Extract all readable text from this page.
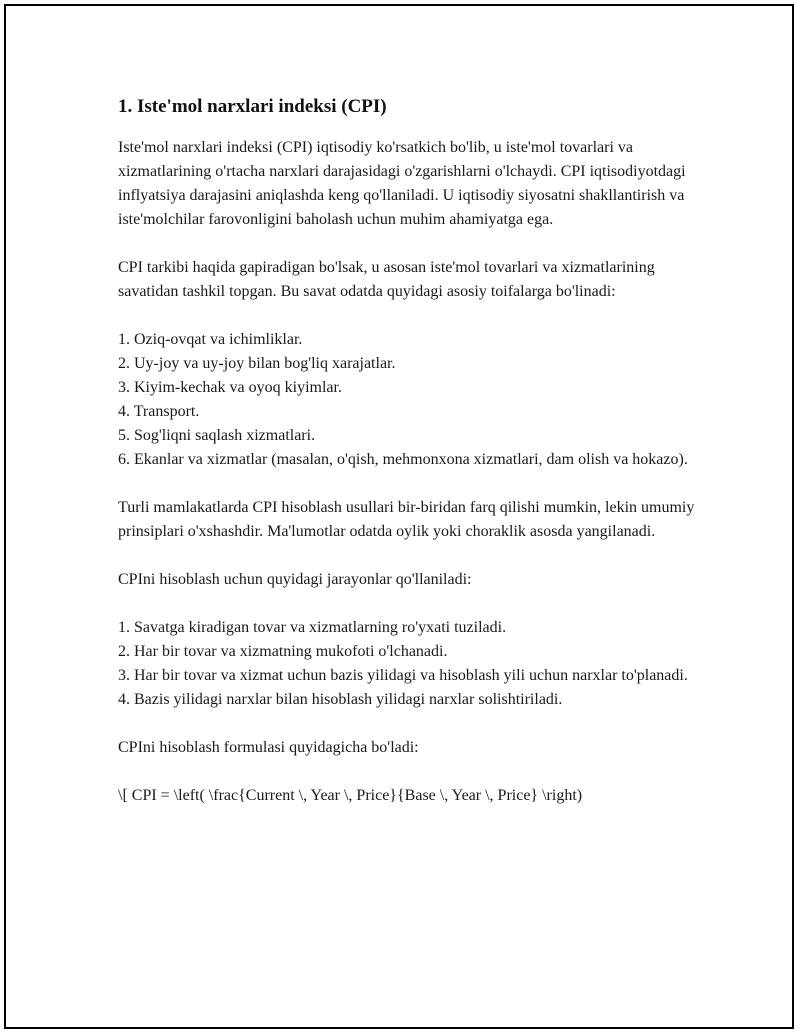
1. Iste'mol narxlari indeksi (CPI)

Iste'mol narxlari indeksi (CPI) iqtisodiy ko'rsatkich bo'lib, u iste'mol tovarlari va xizmatlarining o'rtacha narxlari darajasidagi o'zgarishlarni o'lchaydi. CPI iqtisodiyotdagi inflyatsiya darajasini aniqlashda keng qo'llaniladi. U iqtisodiy siyosatni shakllantirish va iste'molchilar farovonligini baholash uchun muhim ahamiyatga ega.

CPI tarkibi haqida gapiradigan bo'lsak, u asosan iste'mol tovarlari va xizmatlarining savatidan tashkil topgan. Bu savat odatda quyidagi asosiy toifalarga bo'linadi:

1. Oziq-ovqat va ichimliklar.
2. Uy-joy va uy-joy bilan bog'liq xarajatlar.
3. Kiyim-kechak va oyoq kiyimlar.
4. Transport.
5. Sog'liqni saqlash xizmatlari.
6. Ekanlar va xizmatlar (masalan, o'qish, mehmonxona xizmatlari, dam olish va hokazo).

Turli mamlakatlarda CPI hisoblash usullari bir-biridan farq qilishi mumkin, lekin umumiy prinsiplari o'xshashdir. Ma'lumotlar odatda oylik yoki choraklik asosda yangilanadi.

CPIni hisoblash uchun quyidagi jarayonlar qo'llaniladi:

1. Savatga kiradigan tovar va xizmatlarning ro'yxati tuziladi.
2. Har bir tovar va xizmatning mukofoti o'lchanadi.
3. Har bir tovar va xizmat uchun bazis yilidagi va hisoblash yili uchun narxlar to'planadi.
4. Bazis yilidagi narxlar bilan hisoblash yilidagi narxlar solishtiriladi.

CPIni hisoblash formulasi quyidagicha bo'ladi:

\[ CPI = \left( \frac{Current \, Year \, Price}{Base \, Year \, Price} \right)
